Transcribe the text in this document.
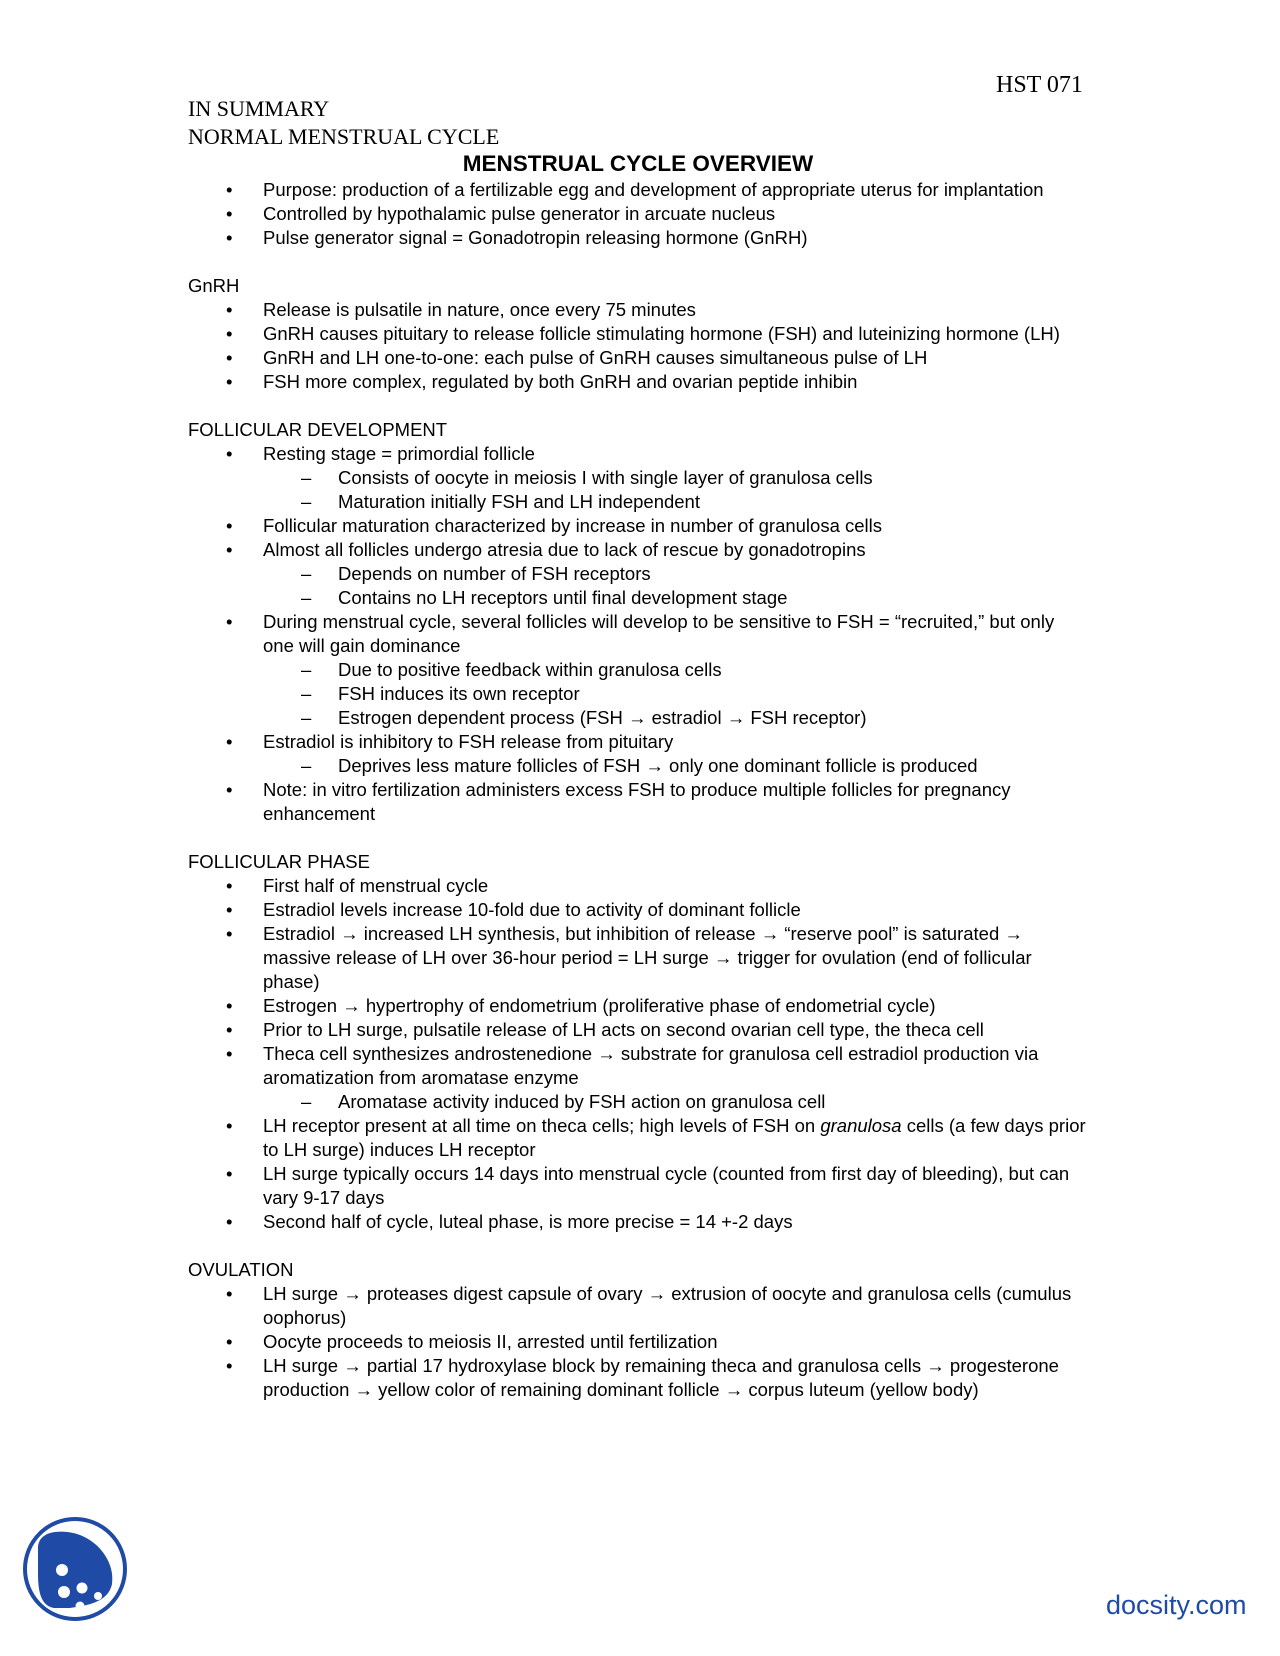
HST 071
IN SUMMARY
NORMAL MENSTRUAL CYCLE
MENSTRUAL CYCLE OVERVIEW
• Purpose: production of a fertilizable egg and development of appropriate uterus for implantation
• Controlled by hypothalamic pulse generator in arcuate nucleus
• Pulse generator signal = Gonadotropin releasing hormone (GnRH)
GnRH
• Release is pulsatile in nature, once every 75 minutes
• GnRH causes pituitary to release follicle stimulating hormone (FSH) and luteinizing hormone (LH)
• GnRH and LH one-to-one: each pulse of GnRH causes simultaneous pulse of LH
• FSH more complex, regulated by both GnRH and ovarian peptide inhibin
FOLLICULAR DEVELOPMENT
• Resting stage = primordial follicle
– Consists of oocyte in meiosis I with single layer of granulosa cells
– Maturation initially FSH and LH independent
• Follicular maturation characterized by increase in number of granulosa cells
• Almost all follicles undergo atresia due to lack of rescue by gonadotropins
– Depends on number of FSH receptors
– Contains no LH receptors until final development stage
• During menstrual cycle, several follicles will develop to be sensitive to FSH = “recruited,” but only one will gain dominance
– Due to positive feedback within granulosa cells
– FSH induces its own receptor
– Estrogen dependent process (FSH → estradiol → FSH receptor)
• Estradiol is inhibitory to FSH release from pituitary
– Deprives less mature follicles of FSH → only one dominant follicle is produced
• Note: in vitro fertilization administers excess FSH to produce multiple follicles for pregnancy enhancement
FOLLICULAR PHASE
• First half of menstrual cycle
• Estradiol levels increase 10-fold due to activity of dominant follicle
• Estradiol → increased LH synthesis, but inhibition of release → “reserve pool” is saturated → massive release of LH over 36-hour period = LH surge → trigger for ovulation (end of follicular phase)
• Estrogen → hypertrophy of endometrium (proliferative phase of endometrial cycle)
• Prior to LH surge, pulsatile release of LH acts on second ovarian cell type, the theca cell
• Theca cell synthesizes androstenedione → substrate for granulosa cell estradiol production via aromatization from aromatase enzyme
– Aromatase activity induced by FSH action on granulosa cell
• LH receptor present at all time on theca cells; high levels of FSH on granulosa cells (a few days prior to LH surge) induces LH receptor
• LH surge typically occurs 14 days into menstrual cycle (counted from first day of bleeding), but can vary 9-17 days
• Second half of cycle, luteal phase, is more precise = 14 +-2 days
OVULATION
• LH surge → proteases digest capsule of ovary → extrusion of oocyte and granulosa cells (cumulus oophorus)
• Oocyte proceeds to meiosis II, arrested until fertilization
• LH surge → partial 17 hydroxylase block by remaining theca and granulosa cells → progesterone production → yellow color of remaining dominant follicle → corpus luteum (yellow body)
docsity.com
